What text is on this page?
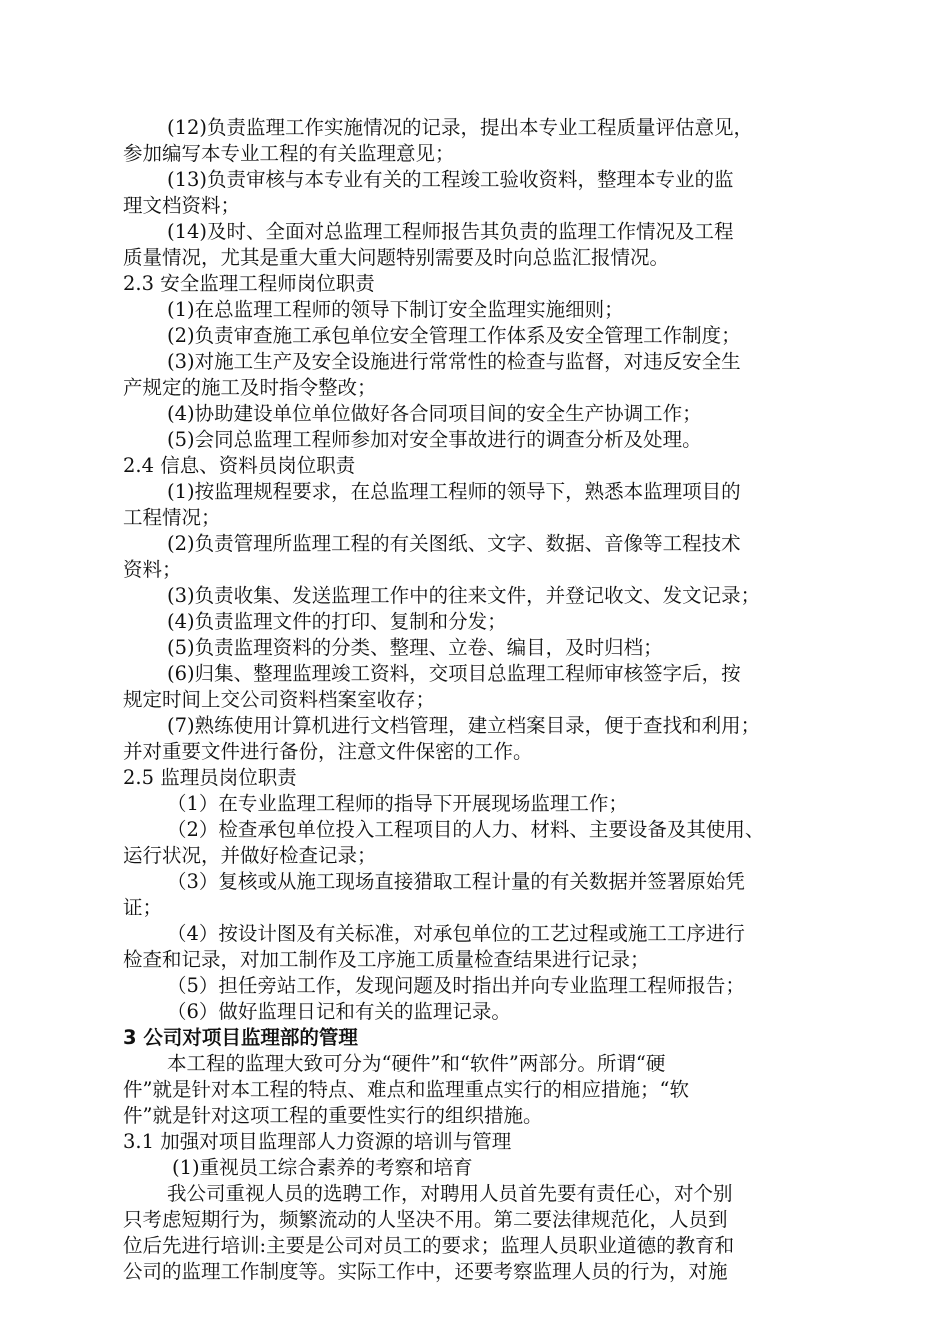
(12)负责监理工作实施情况的记录，提出本专业工程质量评估意见，
参加编写本专业工程的有关监理意见；
(13)负责审核与本专业有关的工程竣工验收资料，整理本专业的监
理文档资料；
(14)及时、全面对总监理工程师报告其负责的监理工作情况及工程
质量情况，尤其是重大重大问题特别需要及时向总监汇报情况。
2.3 安全监理工程师岗位职责
(1)在总监理工程师的领导下制订安全监理实施细则；
(2)负责审查施工承包单位安全管理工作体系及安全管理工作制度；
(3)对施工生产及安全设施进行常常性的检查与监督，对违反安全生
产规定的施工及时指令整改；
(4)协助建设单位单位做好各合同项目间的安全生产协调工作；
(5)会同总监理工程师参加对安全事故进行的调查分析及处理。
2.4 信息、资料员岗位职责
(1)按监理规程要求，在总监理工程师的领导下，熟悉本监理项目的
工程情况；
(2)负责管理所监理工程的有关图纸、文字、数据、音像等工程技术
资料；
(3)负责收集、发送监理工作中的往来文件，并登记收文、发文记录；
(4)负责监理文件的打印、复制和分发；
(5)负责监理资料的分类、整理、立卷、编目，及时归档；
(6)归集、整理监理竣工资料，交项目总监理工程师审核签字后，按
规定时间上交公司资料档案室收存；
(7)熟练使用计算机进行文档管理，建立档案目录，便于查找和利用；
并对重要文件进行备份，注意文件保密的工作。
2.5 监理员岗位职责
（1）在专业监理工程师的指导下开展现场监理工作；
（2）检查承包单位投入工程项目的人力、材料、主要设备及其使用、
运行状况，并做好检查记录；
（3）复核或从施工现场直接猎取工程计量的有关数据并签署原始凭
证；
（4）按设计图及有关标准，对承包单位的工艺过程或施工工序进行
检查和记录，对加工制作及工序施工质量检查结果进行记录；
（5）担任旁站工作，发现问题及时指出并向专业监理工程师报告；
（6）做好监理日记和有关的监理记录。
3 公司对项目监理部的管理
本工程的监理大致可分为“硬件”和“软件”两部分。所谓“硬
件”就是针对本工程的特点、难点和监理重点实行的相应措施；“软
件”就是针对这项工程的重要性实行的组织措施。
3.1 加强对项目监理部人力资源的培训与管理
(1)重视员工综合素养的考察和培育
我公司重视人员的选聘工作，对聘用人员首先要有责任心，对个别
只考虑短期行为，频繁流动的人坚决不用。第二要法律规范化，人员到
位后先进行培训:主要是公司对员工的要求；监理人员职业道德的教育和
公司的监理工作制度等。实际工作中，还要考察监理人员的行为，对施
